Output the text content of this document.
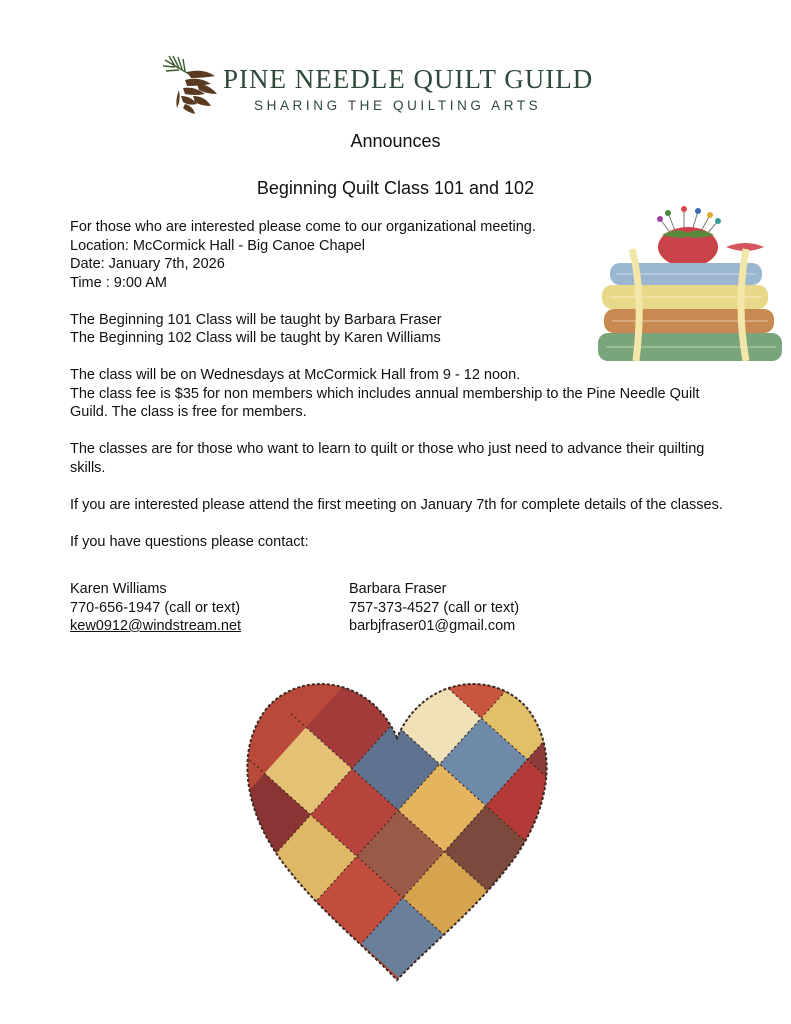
PINE NEEDLE QUILT GUILD
SHARING THE QUILTING ARTS
Announces
Beginning Quilt Class 101 and 102

For those who are interested please come to our organizational meeting.

Location: McCormick Hall - Big Canoe Chapel

Date: January 7th, 2026

Time : 9:00 AM

The Beginning 101 Class will be taught by Barbara Fraser

The Beginning 102 Class will be taught by Karen Williams

The class will be on Wednesdays at McCormick Hall from 9 - 12 noon.

The class fee is $35 for non members which includes annual membership to the Pine Needle Quilt Guild. The class is free for members.

The classes are for those who want to learn to quilt or those who just need to advance their quilting skills.

If you are interested please attend the first meeting on January 7th for complete details of the classes.

If you have questions please contact:

Karen Williams

770-656-1947 (call or text)

kew0912@windstream.net

Barbara Fraser

757-373-4527 (call or text)

barbjfraser01@gmail.com
